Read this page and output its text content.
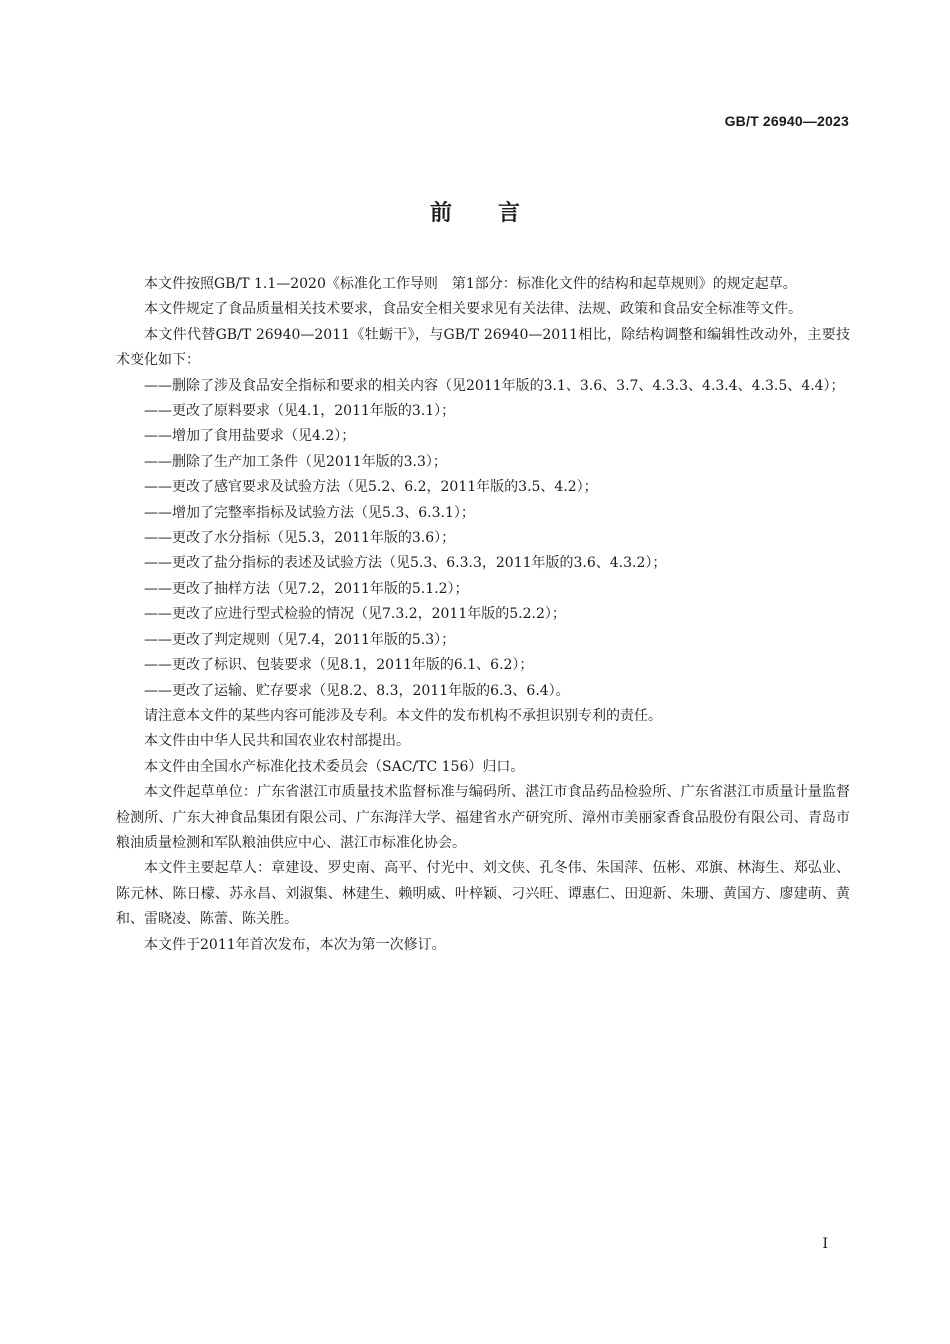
GB/T 26940—2023
前言

本文件按照GB/T 1.1—2020《标准化工作导则　第1部分：标准化文件的结构和起草规则》的规定起草。

本文件规定了食品质量相关技术要求，食品安全相关要求见有关法律、法规、政策和食品安全标准等文件。

本文件代替GB/T 26940—2011《牡蛎干》，与GB/T 26940—2011相比，除结构调整和编辑性改动外，主要技术变化如下：

——删除了涉及食品安全指标和要求的相关内容（见2011年版的3.1、3.6、3.7、4.3.3、4.3.4、4.3.5、4.4）；

——更改了原料要求（见4.1，2011年版的3.1）；

——增加了食用盐要求（见4.2）；

——删除了生产加工条件（见2011年版的3.3）；

——更改了感官要求及试验方法（见5.2、6.2，2011年版的3.5、4.2）；

——增加了完整率指标及试验方法（见5.3、6.3.1）；

——更改了水分指标（见5.3，2011年版的3.6）；

——更改了盐分指标的表述及试验方法（见5.3、6.3.3，2011年版的3.6、4.3.2）；

——更改了抽样方法（见7.2，2011年版的5.1.2）；

——更改了应进行型式检验的情况（见7.3.2，2011年版的5.2.2）；

——更改了判定规则（见7.4，2011年版的5.3）；

——更改了标识、包装要求（见8.1，2011年版的6.1、6.2）；

——更改了运输、贮存要求（见8.2、8.3，2011年版的6.3、6.4）。

请注意本文件的某些内容可能涉及专利。本文件的发布机构不承担识别专利的责任。

本文件由中华人民共和国农业农村部提出。

本文件由全国水产标准化技术委员会（SAC/TC 156）归口。

本文件起草单位：广东省湛江市质量技术监督标准与编码所、湛江市食品药品检验所、广东省湛江市质量计量监督检测所、广东大神食品集团有限公司、广东海洋大学、福建省水产研究所、漳州市美丽家香食品股份有限公司、青岛市粮油质量检测和军队粮油供应中心、湛江市标准化协会。

本文件主要起草人：章建设、罗史南、高平、付光中、刘文侠、孔冬伟、朱国萍、伍彬、邓旗、林海生、郑弘业、陈元林、陈日檬、苏永昌、刘淑集、林建生、赖明威、叶梓颖、刁兴旺、谭惠仁、田迎新、朱珊、黄国方、廖建萌、黄和、雷晓凌、陈蕾、陈关胜。

本文件于2011年首次发布，本次为第一次修订。

I
